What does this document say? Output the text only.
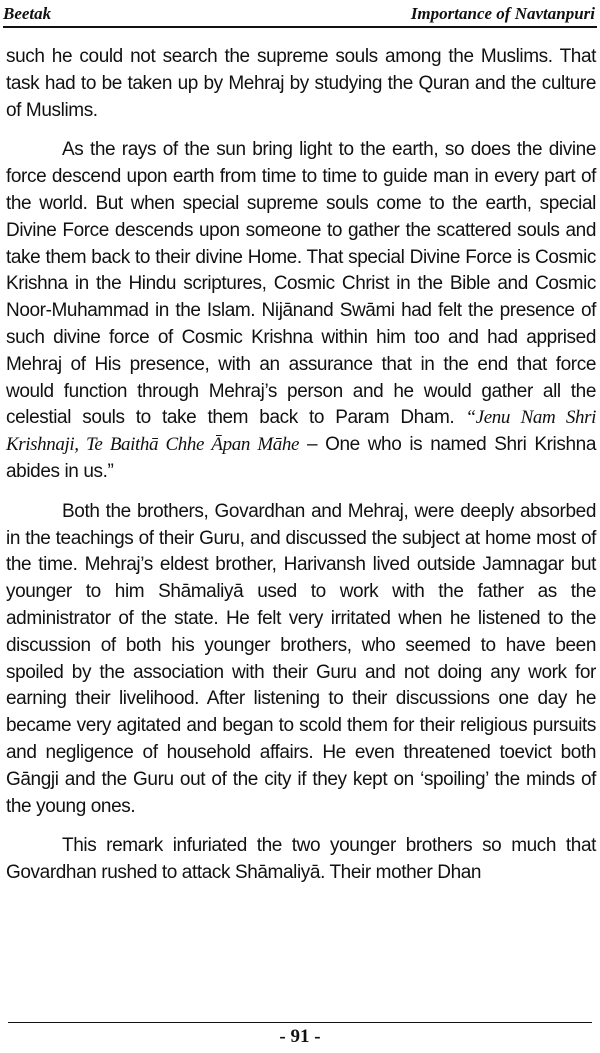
Beetak	Importance of Navtanpuri

such he could not search the supreme souls among the Muslims. That task had to be taken up by Mehraj by studying the Quran and the culture of Muslims.

As the rays of the sun bring light to the earth, so does the divine force descend upon earth from time to time to guide man in every part of the world. But when special supreme souls come to the earth, special Divine Force descends upon someone to gather the scattered souls and take them back to their divine Home. That special Divine Force is Cosmic Krishna in the Hindu scriptures, Cosmic Christ in the Bible and Cosmic Noor-Muhammad in the Islam. Nijānand Swāmi had felt the presence of such divine force of Cosmic Krishna within him too and had apprised Mehraj of His presence, with an assurance that in the end that force would function through Mehraj’s person and he would gather all the celestial souls to take them back to Param Dham. “Jenu Nam Shri Krishnaji, Te Baithā Chhe Āpan Māhe – One who is named Shri Krishna abides in us.”

Both the brothers, Govardhan and Mehraj, were deeply absorbed in the teachings of their Guru, and discussed the subject at home most of the time. Mehraj’s eldest brother, Harivansh lived outside Jamnagar but younger to him Shāmaliyā used to work with the father as the administrator of the state. He felt very irritated when he listened to the discussion of both his younger brothers, who seemed to have been spoiled by the association with their Guru and not doing any work for earning their livelihood. After listening to their discussions one day he became very agitated and began to scold them for their religious pursuits and negligence of household affairs. He even threatened toevict both Gāngji and the Guru out of the city if they kept on ‘spoiling’ the minds of the young ones.

This remark infuriated the two younger brothers so much that Govardhan rushed to attack Shāmaliyā. Their mother Dhan

- 91 -
